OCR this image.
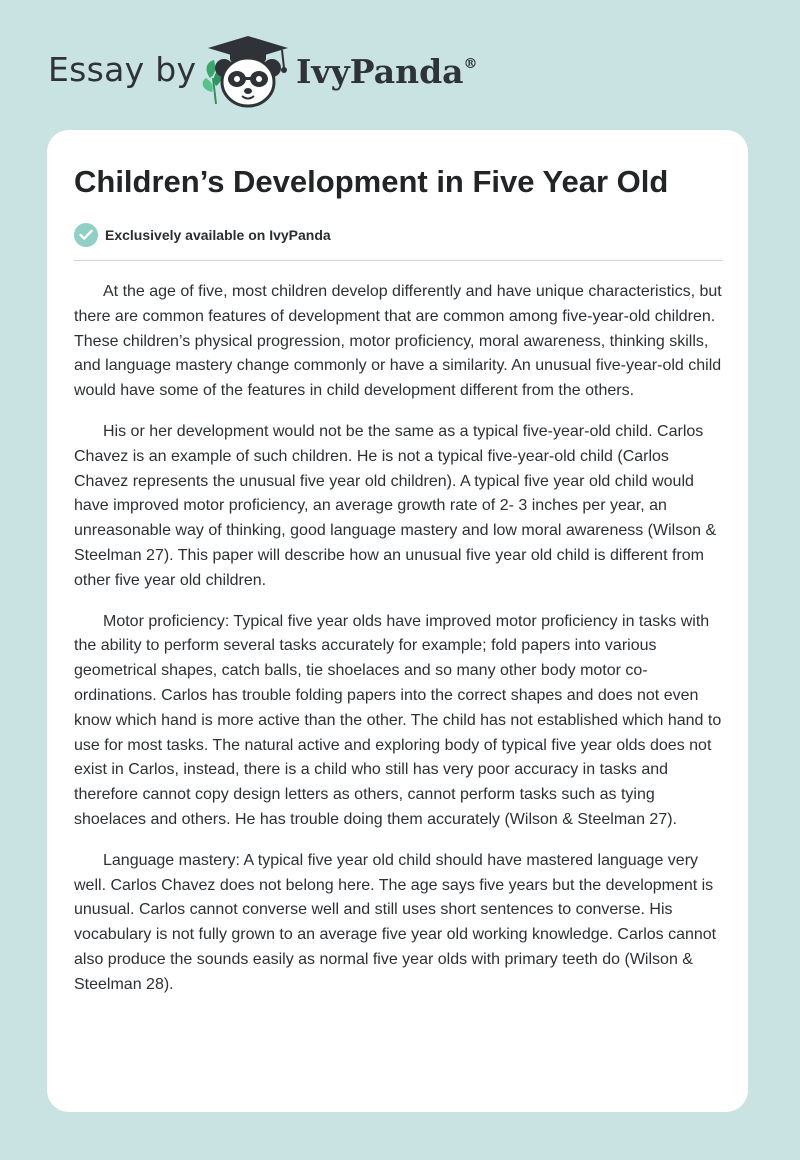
Essay by	IvyPanda®
Children’s Development in Five Year Old
Exclusively available on IvyPanda

At the age of five, most children develop differently and have unique characteristics, but there are common features of development that are common among five-year-old children. These children’s physical progression, motor proficiency, moral awareness, thinking skills, and language mastery change commonly or have a similarity. An unusual five-year-old child would have some of the features in child development different from the others.

His or her development would not be the same as a typical five-year-old child. Carlos Chavez is an example of such children. He is not a typical five-year-old child (Carlos Chavez represents the unusual five year old children). A typical five year old child would have improved motor proficiency, an average growth rate of 2- 3 inches per year, an unreasonable way of thinking, good language mastery and low moral awareness (Wilson & Steelman 27). This paper will describe how an unusual five year old child is different from other five year old children.

Motor proficiency: Typical five year olds have improved motor proficiency in tasks with the ability to perform several tasks accurately for example; fold papers into various geometrical shapes, catch balls, tie shoelaces and so many other body motor co-ordinations. Carlos has trouble folding papers into the correct shapes and does not even know which hand is more active than the other. The child has not established which hand to use for most tasks. The natural active and exploring body of typical five year olds does not exist in Carlos, instead, there is a child who still has very poor accuracy in tasks and therefore cannot copy design letters as others, cannot perform tasks such as tying shoelaces and others. He has trouble doing them accurately (Wilson & Steelman 27).

Language mastery: A typical five year old child should have mastered language very well. Carlos Chavez does not belong here. The age says five years but the development is unusual. Carlos cannot converse well and still uses short sentences to converse. His vocabulary is not fully grown to an average five year old working knowledge. Carlos cannot also produce the sounds easily as normal five year olds with primary teeth do (Wilson & Steelman 28).
